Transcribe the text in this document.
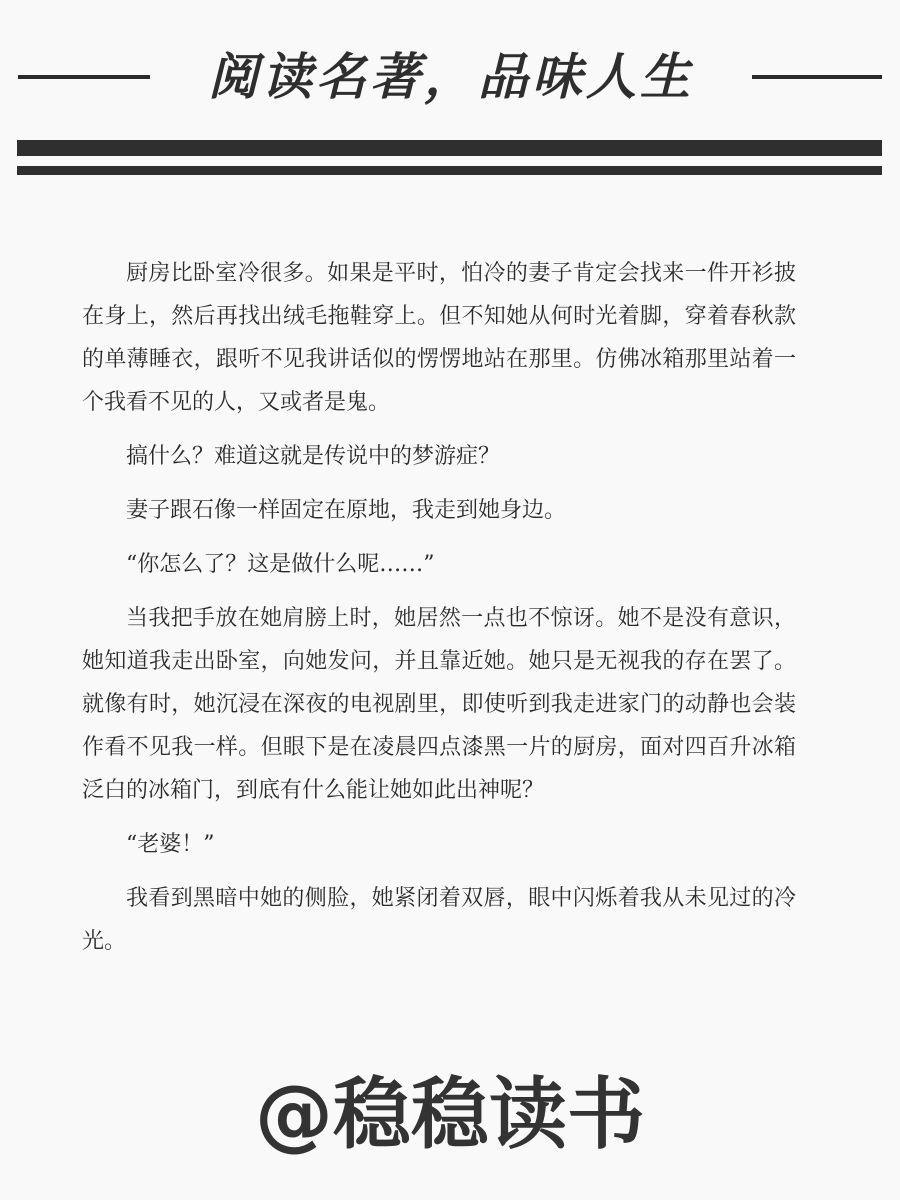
阅读名著，品味人生

厨房比卧室冷很多。如果是平时，怕冷的妻子肯定会找来一件开衫披在身上，然后再找出绒毛拖鞋穿上。但不知她从何时光着脚，穿着春秋款的单薄睡衣，跟听不见我讲话似的愣愣地站在那里。仿佛冰箱那里站着一个我看不见的人，又或者是鬼。

搞什么？难道这就是传说中的梦游症？

妻子跟石像一样固定在原地，我走到她身边。

“你怎么了？这是做什么呢……”

当我把手放在她肩膀上时，她居然一点也不惊讶。她不是没有意识，她知道我走出卧室，向她发问，并且靠近她。她只是无视我的存在罢了。就像有时，她沉浸在深夜的电视剧里，即使听到我走进家门的动静也会装作看不见我一样。但眼下是在凌晨四点漆黑一片的厨房，面对四百升冰箱泛白的冰箱门，到底有什么能让她如此出神呢？

“老婆！”

我看到黑暗中她的侧脸，她紧闭着双唇，眼中闪烁着我从未见过的冷光。

@稳稳读书
